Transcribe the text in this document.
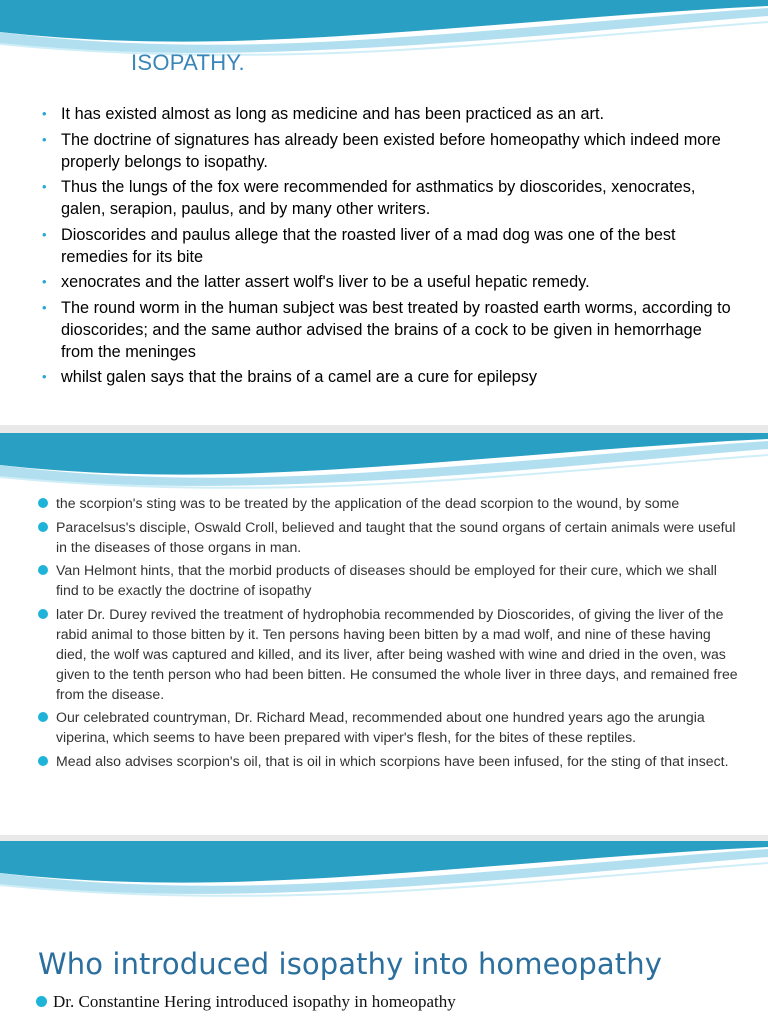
ISOPATHY.
• It has existed almost as long as medicine and has been practiced as an art.
• The doctrine of signatures has already been existed before homeopathy which indeed more properly belongs to isopathy.
• Thus the lungs of the fox were recommended for asthmatics by dioscorides, xenocrates, galen, serapion, paulus, and by many other writers.
• Dioscorides and paulus allege that the roasted liver of a mad dog was one of the best remedies for its bite
• xenocrates and the latter assert wolf's liver to be a useful hepatic remedy.
• The round worm in the human subject was best treated by roasted earth worms, according to dioscorides; and the same author advised the brains of a cock to be given in hemorrhage from the meninges
• whilst galen says that the brains of a camel are a cure for epilepsy
the scorpion's sting was to be treated by the application of the dead scorpion to the wound, by some
Paracelsus's disciple, Oswald Croll, believed and taught that the sound organs of certain animals were useful in the diseases of those organs in man.
Van Helmont hints, that the morbid products of diseases should be employed for their cure, which we shall find to be exactly the doctrine of isopathy
later Dr. Durey revived the treatment of hydrophobia recommended by Dioscorides, of giving the liver of the rabid animal to those bitten by it. Ten persons having been bitten by a mad wolf, and nine of these having died, the wolf was captured and killed, and its liver, after being washed with wine and dried in the oven, was given to the tenth person who had been bitten. He consumed the whole liver in three days, and remained free from the disease.
Our celebrated countryman, Dr. Richard Mead, recommended about one hundred years ago the arungia viperina, which seems to have been prepared with viper's flesh, for the bites of these reptiles.
Mead also advises scorpion's oil, that is oil in which scorpions have been infused, for the sting of that insect.
Who introduced isopathy into homeopathy
Dr. Constantine Hering introduced isopathy in homeopathy
